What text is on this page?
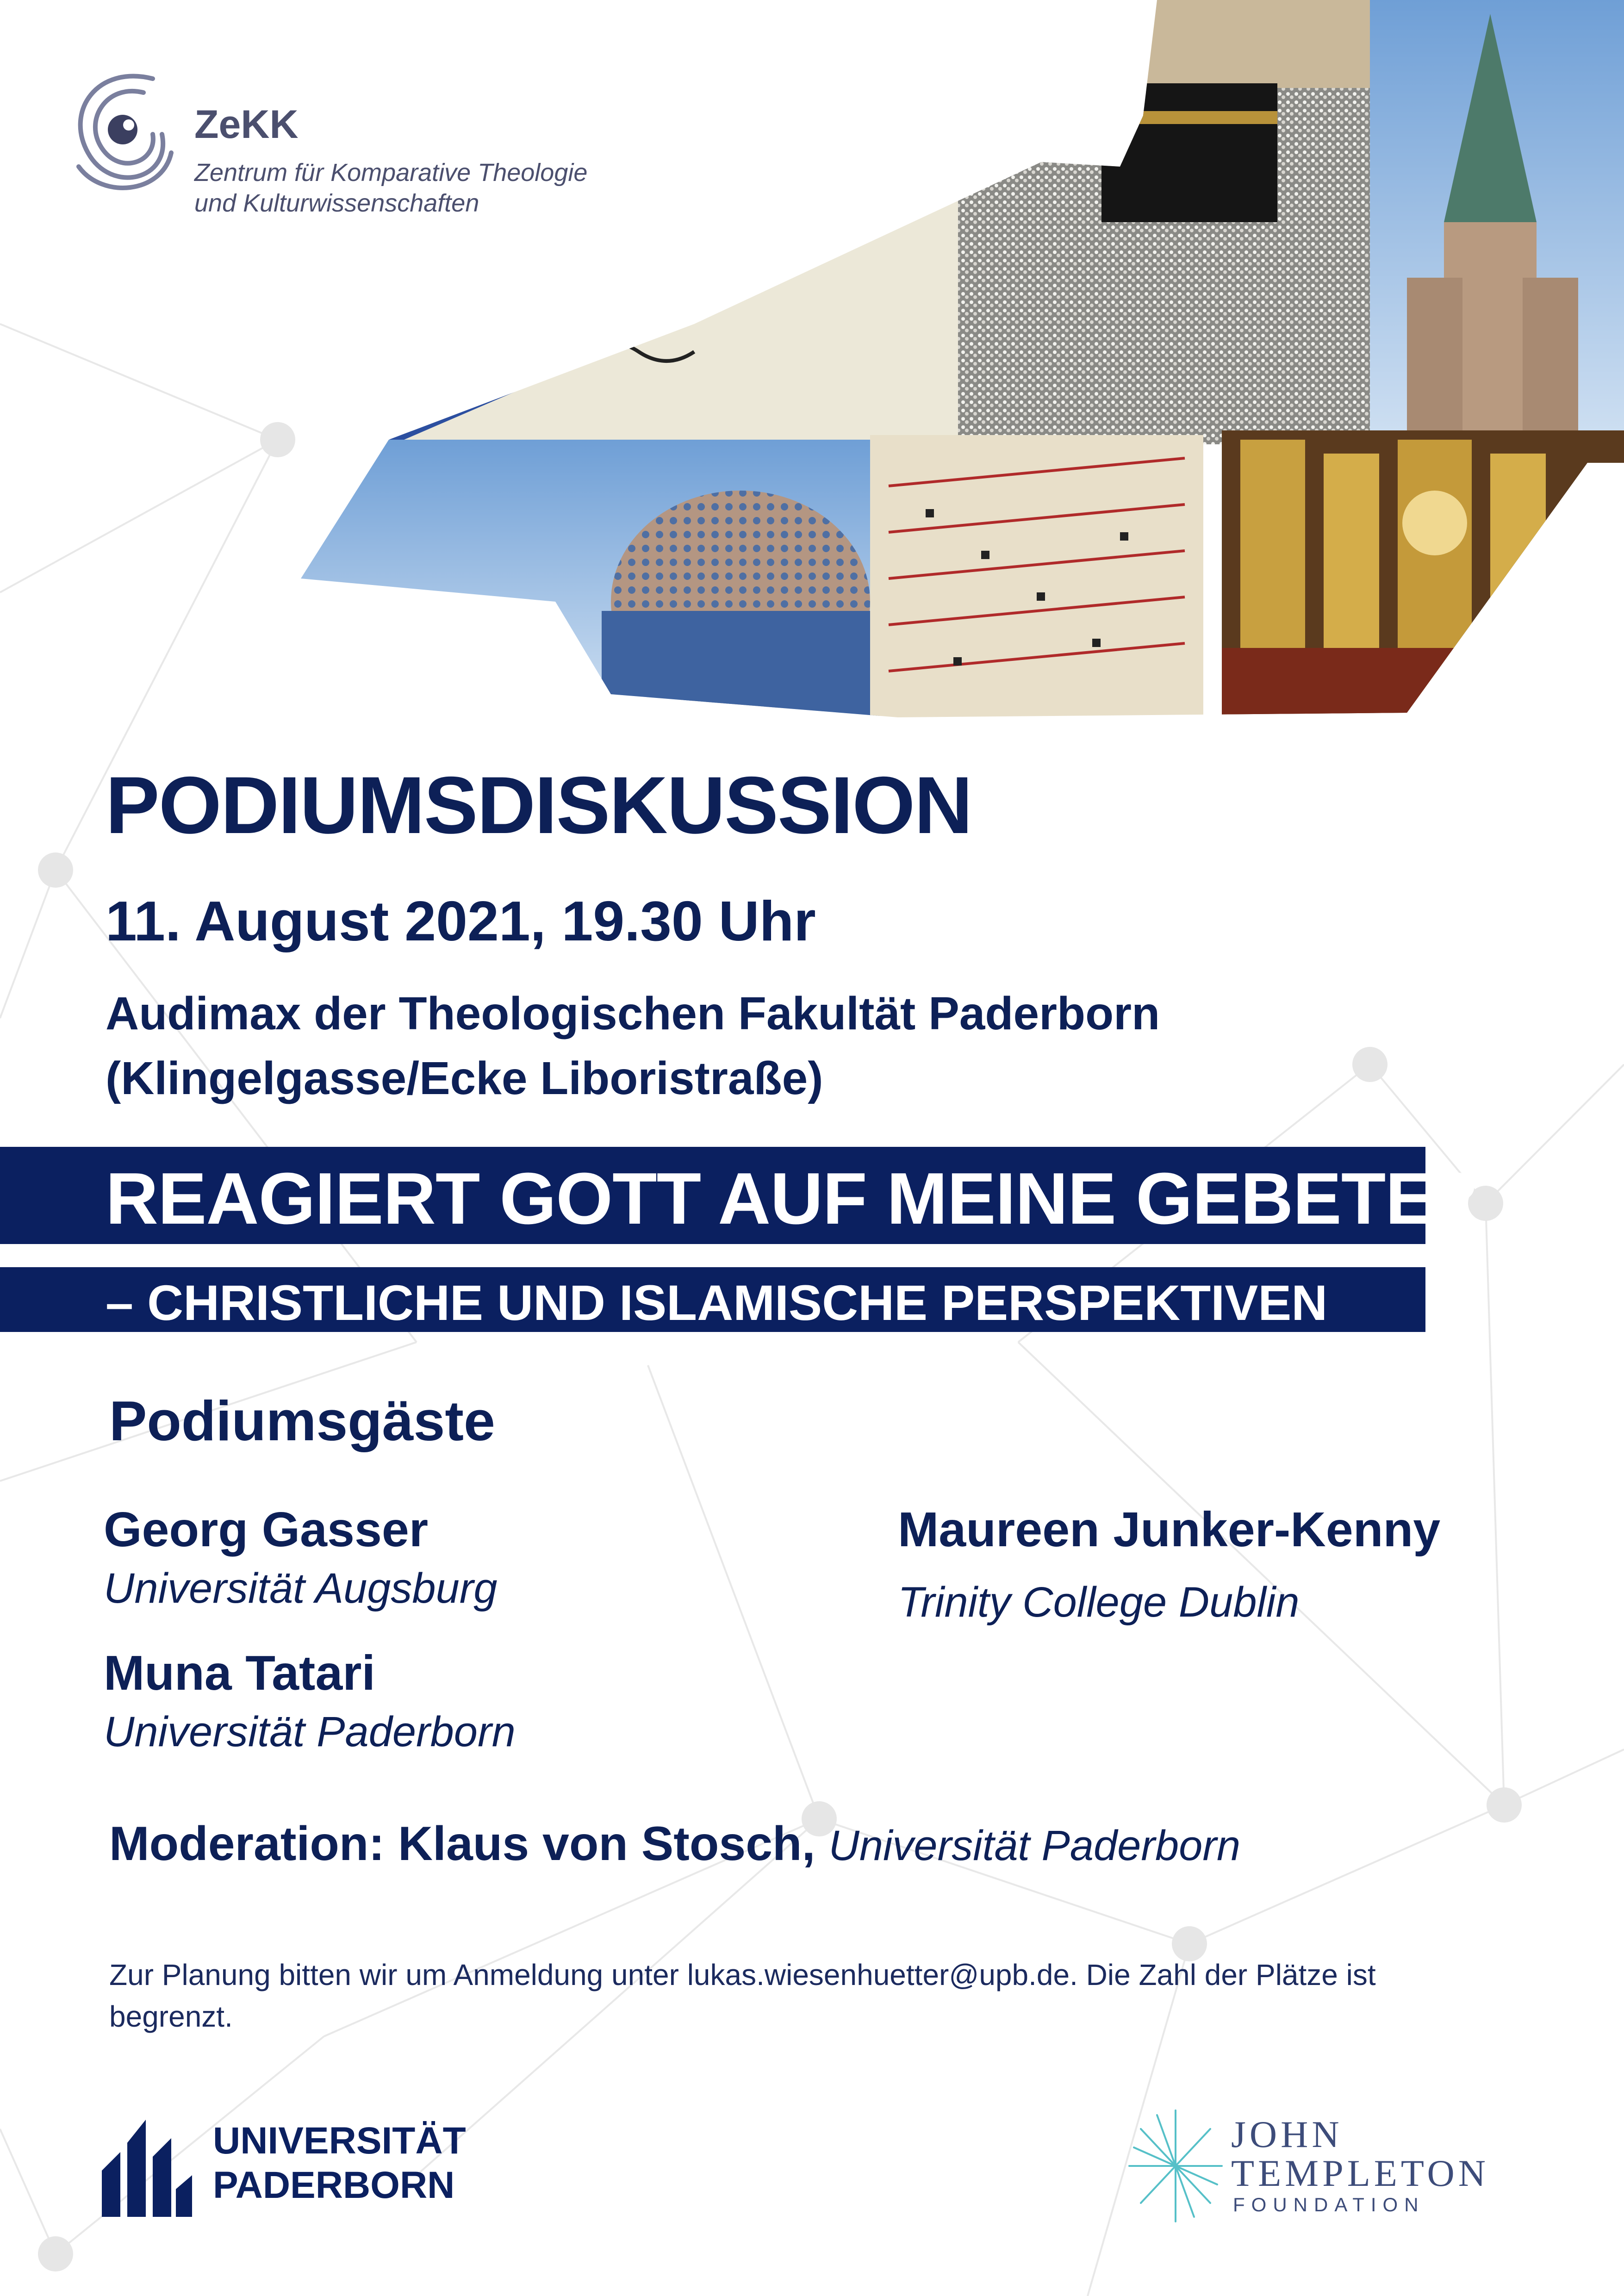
ZeKK
Zentrum für Komparative Theologie
und Kulturwissenschaften
PODIUMSDISKUSSION
11. August 2021, 19.30 Uhr
Audimax der Theologischen Fakultät Paderborn
(Klingelgasse/Ecke Liboristraße)
REAGIERT GOTT AUF MEINE GEBETE?
– CHRISTLICHE UND ISLAMISCHE PERSPEKTIVEN
Podiumsgäste
Georg Gasser
Universität Augsburg
Muna Tatari
Universität Paderborn
Maureen Junker-Kenny
Trinity College Dublin
Moderation: Klaus von Stosch, Universität Paderborn
Zur Planung bitten wir um Anmeldung unter lukas.wiesenhuetter@upb.de. Die Zahl der Plätze ist begrenzt.
UNIVERSITÄT
PADERBORN
JOHN
TEMPLETON
FOUNDATION
